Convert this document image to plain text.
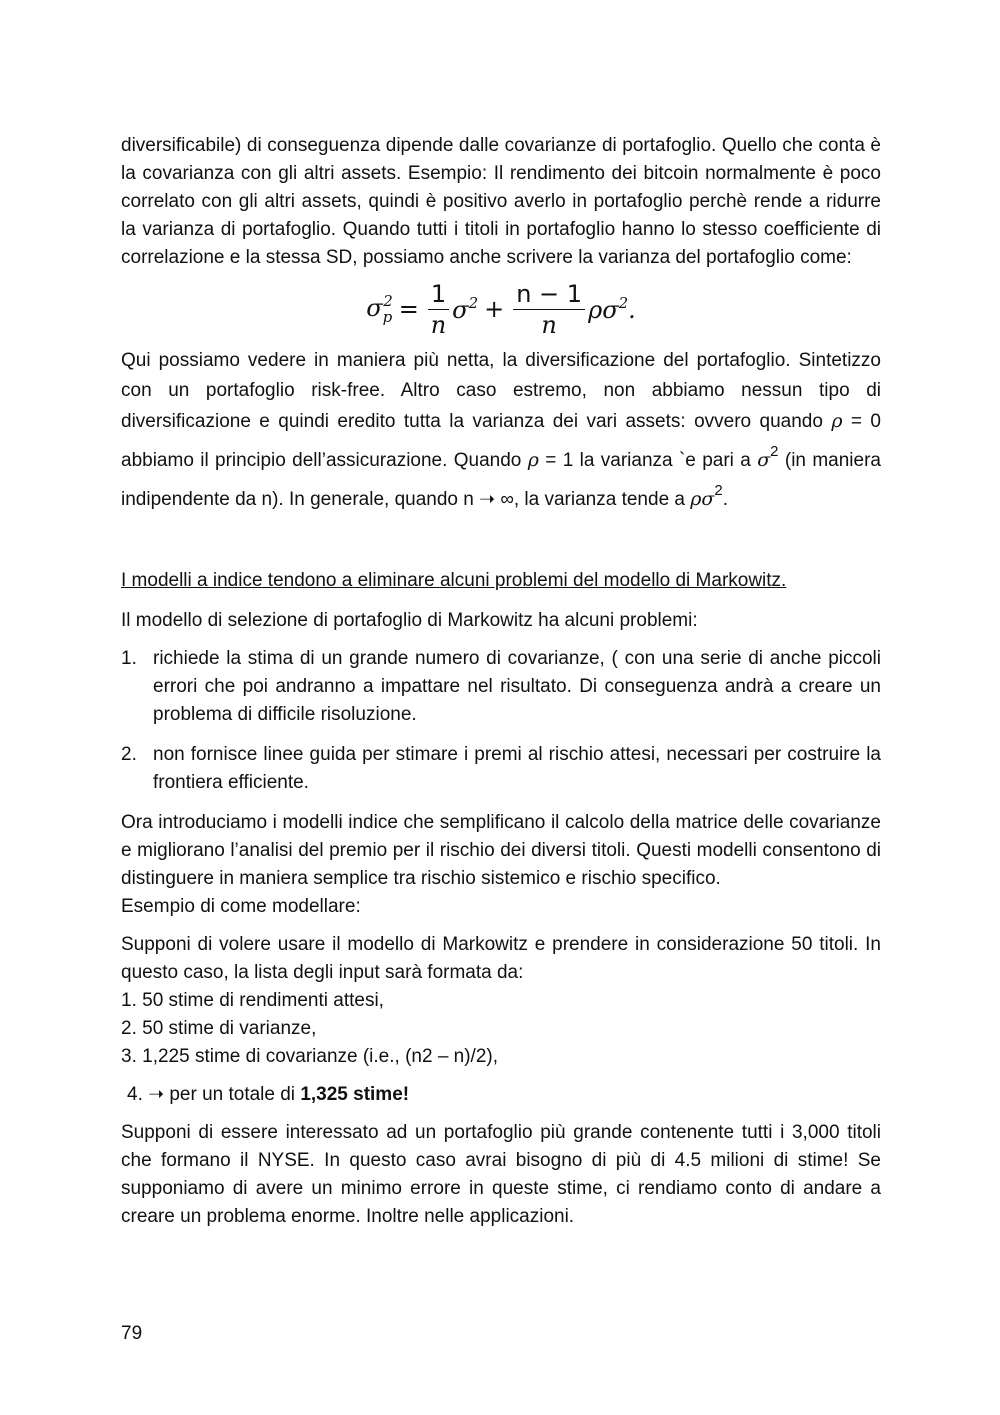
diversificabile) di conseguenza dipende dalle covarianze di portafoglio. Quello che conta è la covarianza con gli altri assets. Esempio: Il rendimento dei bitcoin normalmente è poco correlato con gli altri assets, quindi è positivo averlo in portafoglio perchè rende a ridurre la varianza di portafoglio. Quando tutti i titoli in portafoglio hanno lo stesso coefficiente di correlazione e la stessa SD, possiamo anche scrivere la varianza del portafoglio come:

$\sigma_p^2 = \frac{1}{n} \sigma^2 + \frac{n - 1}{n} \rho\sigma^2$.

Qui possiamo vedere in maniera più netta, la diversificazione del portafoglio. Sintetizzo con un portafoglio risk-free. Altro caso estremo, non abbiamo nessun tipo di diversificazione e quindi eredito tutta la varianza dei vari assets: ovvero quando ρ = 0 abbiamo il principio dell’assicurazione. Quando ρ = 1 la varianza `e pari a $\sigma^2$ (in maniera indipendente da n). In generale, quando n ➝ ∞, la varianza tende a $\rho\sigma^2$.

I modelli a indice tendono a eliminare alcuni problemi del modello di Markowitz.

Il modello di selezione di portafoglio di Markowitz ha alcuni problemi:

1. richiede la stima di un grande numero di covarianze, ( con una serie di anche piccoli errori che poi andranno a impattare nel risultato. Di conseguenza andrà a creare un problema di difficile risoluzione.
2. non fornisce linee guida per stimare i premi al rischio attesi, necessari per costruire la frontiera efficiente.

Ora introduciamo i modelli indice che semplificano il calcolo della matrice delle covarianze e migliorano l’analisi del premio per il rischio dei diversi titoli. Questi modelli consentono di distinguere in maniera semplice tra rischio sistemico e rischio specifico.

Esempio di come modellare:

Supponi di volere usare il modello di Markowitz e prendere in considerazione 50 titoli. In questo caso, la lista degli input sarà formata da:

1. 50 stime di rendimenti attesi,

2. 50 stime di varianze,

3. 1,225 stime di covarianze (i.e., (n2 – n)/2),

4. ➝ per un totale di 1,325 stime!

Supponi di essere interessato ad un portafoglio più grande contenente tutti i 3,000 titoli che formano il NYSE. In questo caso avrai bisogno di più di 4.5 milioni di stime! Se supponiamo di avere un minimo errore in queste stime, ci rendiamo conto di andare a creare un problema enorme. Inoltre nelle applicazioni.

79
